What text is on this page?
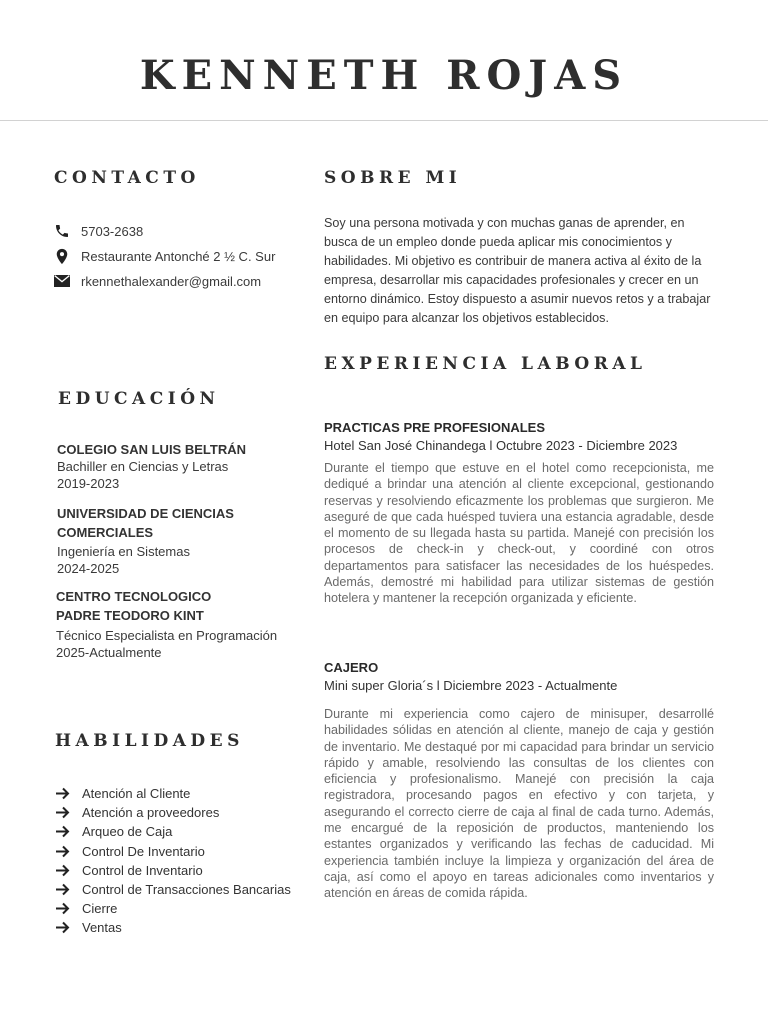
KENNETH ROJAS
CONTACTO
5703-2638
Restaurante Antonché 2 ½ C. Sur
rkennethalexander@gmail.com
EDUCACIÓN
COLEGIO SAN LUIS BELTRÁN
Bachiller en Ciencias y Letras
2019-2023
UNIVERSIDAD DE CIENCIAS
COMERCIALES
Ingeniería en Sistemas
2024-2025
CENTRO TECNOLOGICO
PADRE TEODORO KINT
Técnico Especialista en Programación
2025-Actualmente
HABILIDADES
Atención al Cliente
Atención a proveedores
Arqueo de Caja
Control De Inventario
Control de Inventario
Control de Transacciones Bancarias
Cierre
Ventas
SOBRE MI

Soy una persona motivada y con muchas ganas de aprender, en busca de un empleo donde pueda aplicar mis conocimientos y habilidades. Mi objetivo es contribuir de manera activa al éxito de la empresa, desarrollar mis capacidades profesionales y crecer en un entorno dinámico. Estoy dispuesto a asumir nuevos retos y a trabajar en equipo para alcanzar los objetivos establecidos.

EXPERIENCIA LABORAL
PRACTICAS PRE PROFESIONALES
Hotel San José Chinandega l Octubre 2023 - Diciembre 2023

Durante el tiempo que estuve en el hotel como recepcionista, me dediqué a brindar una atención al cliente excepcional, gestionando reservas y resolviendo eficazmente los problemas que surgieron. Me aseguré de que cada huésped tuviera una estancia agradable, desde el momento de su llegada hasta su partida. Manejé con precisión los procesos de check-in y check-out, y coordiné con otros departamentos para satisfacer las necesidades de los huéspedes. Además, demostré mi habilidad para utilizar sistemas de gestión hotelera y mantener la recepción organizada y eficiente.

CAJERO
Mini super Gloria´s l Diciembre 2023 - Actualmente

Durante mi experiencia como cajero de minisuper, desarrollé habilidades sólidas en atención al cliente, manejo de caja y gestión de inventario. Me destaqué por mi capacidad para brindar un servicio rápido y amable, resolviendo las consultas de los clientes con eficiencia y profesionalismo. Manejé con precisión la caja registradora, procesando pagos en efectivo y con tarjeta, y asegurando el correcto cierre de caja al final de cada turno. Además, me encargué de la reposición de productos, manteniendo los estantes organizados y verificando las fechas de caducidad. Mi experiencia también incluye la limpieza y organización del área de caja, así como el apoyo en tareas adicionales como inventarios y atención en áreas de comida rápida.
